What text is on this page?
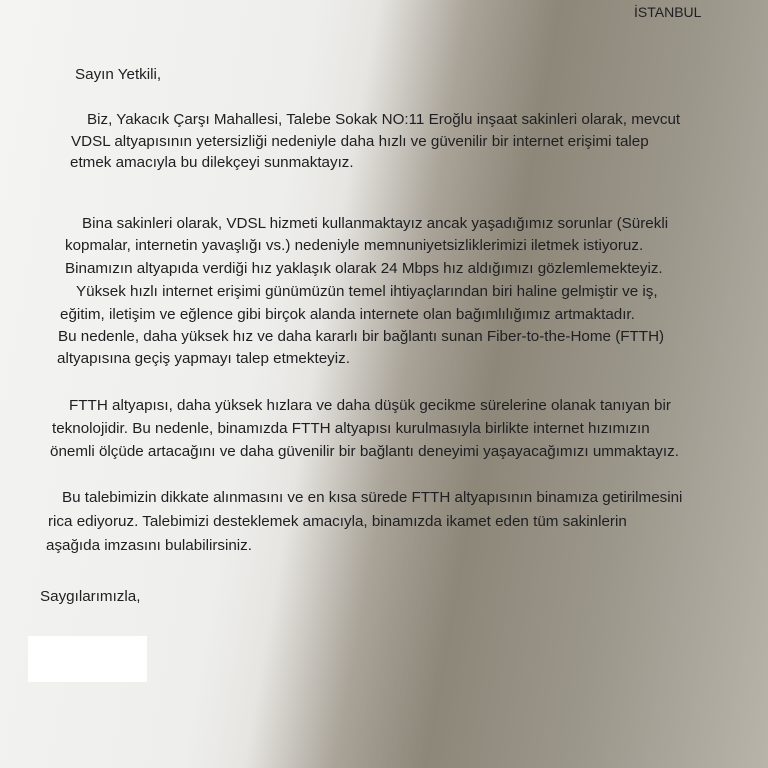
İSTANBUL
Sayın Yetkili,
Biz, Yakacık Çarşı Mahallesi, Talebe Sokak NO:11 Eroğlu inşaat sakinleri olarak, mevcut
VDSL altyapısının yetersizliği nedeniyle daha hızlı ve güvenilir bir internet erişimi talep
etmek amacıyla bu dilekçeyi sunmaktayız.
Bina sakinleri olarak, VDSL hizmeti kullanmaktayız ancak yaşadığımız sorunlar (Sürekli
kopmalar, internetin yavaşlığı vs.) nedeniyle memnuniyetsizliklerimizi iletmek istiyoruz.
Binamızın altyapıda verdiği hız yaklaşık olarak 24 Mbps hız aldığımızı gözlemlemekteyiz.
Yüksek hızlı internet erişimi günümüzün temel ihtiyaçlarından biri haline gelmiştir ve iş,
eğitim, iletişim ve eğlence gibi birçok alanda internete olan bağımlılığımız artmaktadır.
Bu nedenle, daha yüksek hız ve daha kararlı bir bağlantı sunan Fiber-to-the-Home (FTTH)
altyapısına geçiş yapmayı talep etmekteyiz.
FTTH altyapısı, daha yüksek hızlara ve daha düşük gecikme sürelerine olanak tanıyan bir
teknolojidir. Bu nedenle, binamızda FTTH altyapısı kurulmasıyla birlikte internet hızımızın
önemli ölçüde artacağını ve daha güvenilir bir bağlantı deneyimi yaşayacağımızı ummaktayız.
Bu talebimizin dikkate alınmasını ve en kısa sürede FTTH altyapısının binamıza getirilmesini
rica ediyoruz. Talebimizi desteklemek amacıyla, binamızda ikamet eden tüm sakinlerin
aşağıda imzasını bulabilirsiniz.
Saygılarımızla,
